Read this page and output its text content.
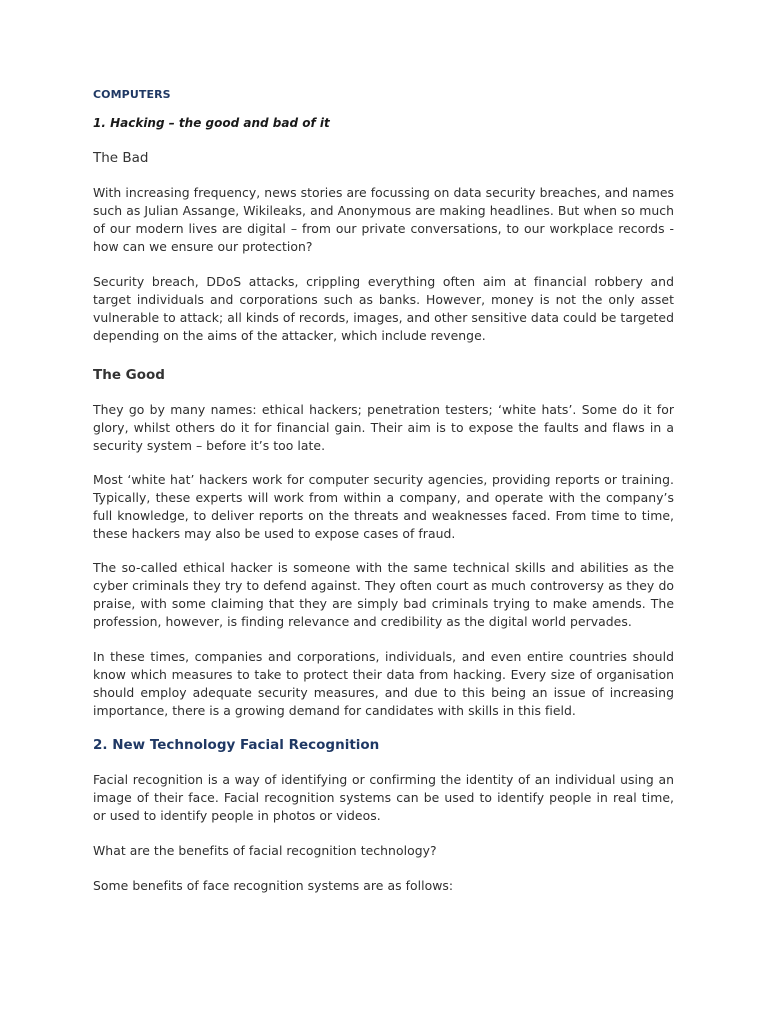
COMPUTERS
1. Hacking – the good and bad of it
The Bad
With increasing frequency, news stories are focussing on data security breaches, and names such as Julian Assange, Wikileaks, and Anonymous are making headlines. But when so much of our modern lives are digital – from our private conversations, to our workplace records - how can we ensure our protection?
Security breach, DDoS attacks, crippling everything often aim at financial robbery and target individuals and corporations such as banks. However, money is not the only asset vulnerable to attack; all kinds of records, images, and other sensitive data could be targeted depending on the aims of the attacker, which include revenge.
The Good
They go by many names: ethical hackers; penetration testers; ‘white hats’. Some do it for glory, whilst others do it for financial gain. Their aim is to expose the faults and flaws in a security system – before it’s too late.
Most ‘white hat’ hackers work for computer security agencies, providing reports or training. Typically, these experts will work from within a company, and operate with the company’s full knowledge, to deliver reports on the threats and weaknesses faced. From time to time, these hackers may also be used to expose cases of fraud.
The so-called ethical hacker is someone with the same technical skills and abilities as the cyber criminals they try to defend against. They often court as much controversy as they do praise, with some claiming that they are simply bad criminals trying to make amends. The profession, however, is finding relevance and credibility as the digital world pervades.
In these times, companies and corporations, individuals, and even entire countries should know which measures to take to protect their data from hacking. Every size of organisation should employ adequate security measures, and due to this being an issue of increasing importance, there is a growing demand for candidates with skills in this field.
2. New Technology Facial Recognition
Facial recognition is a way of identifying or confirming the identity of an individual using an image of their face. Facial recognition systems can be used to identify people in real time, or used to identify people in photos or videos.
What are the benefits of facial recognition technology?
Some benefits of face recognition systems are as follows:
